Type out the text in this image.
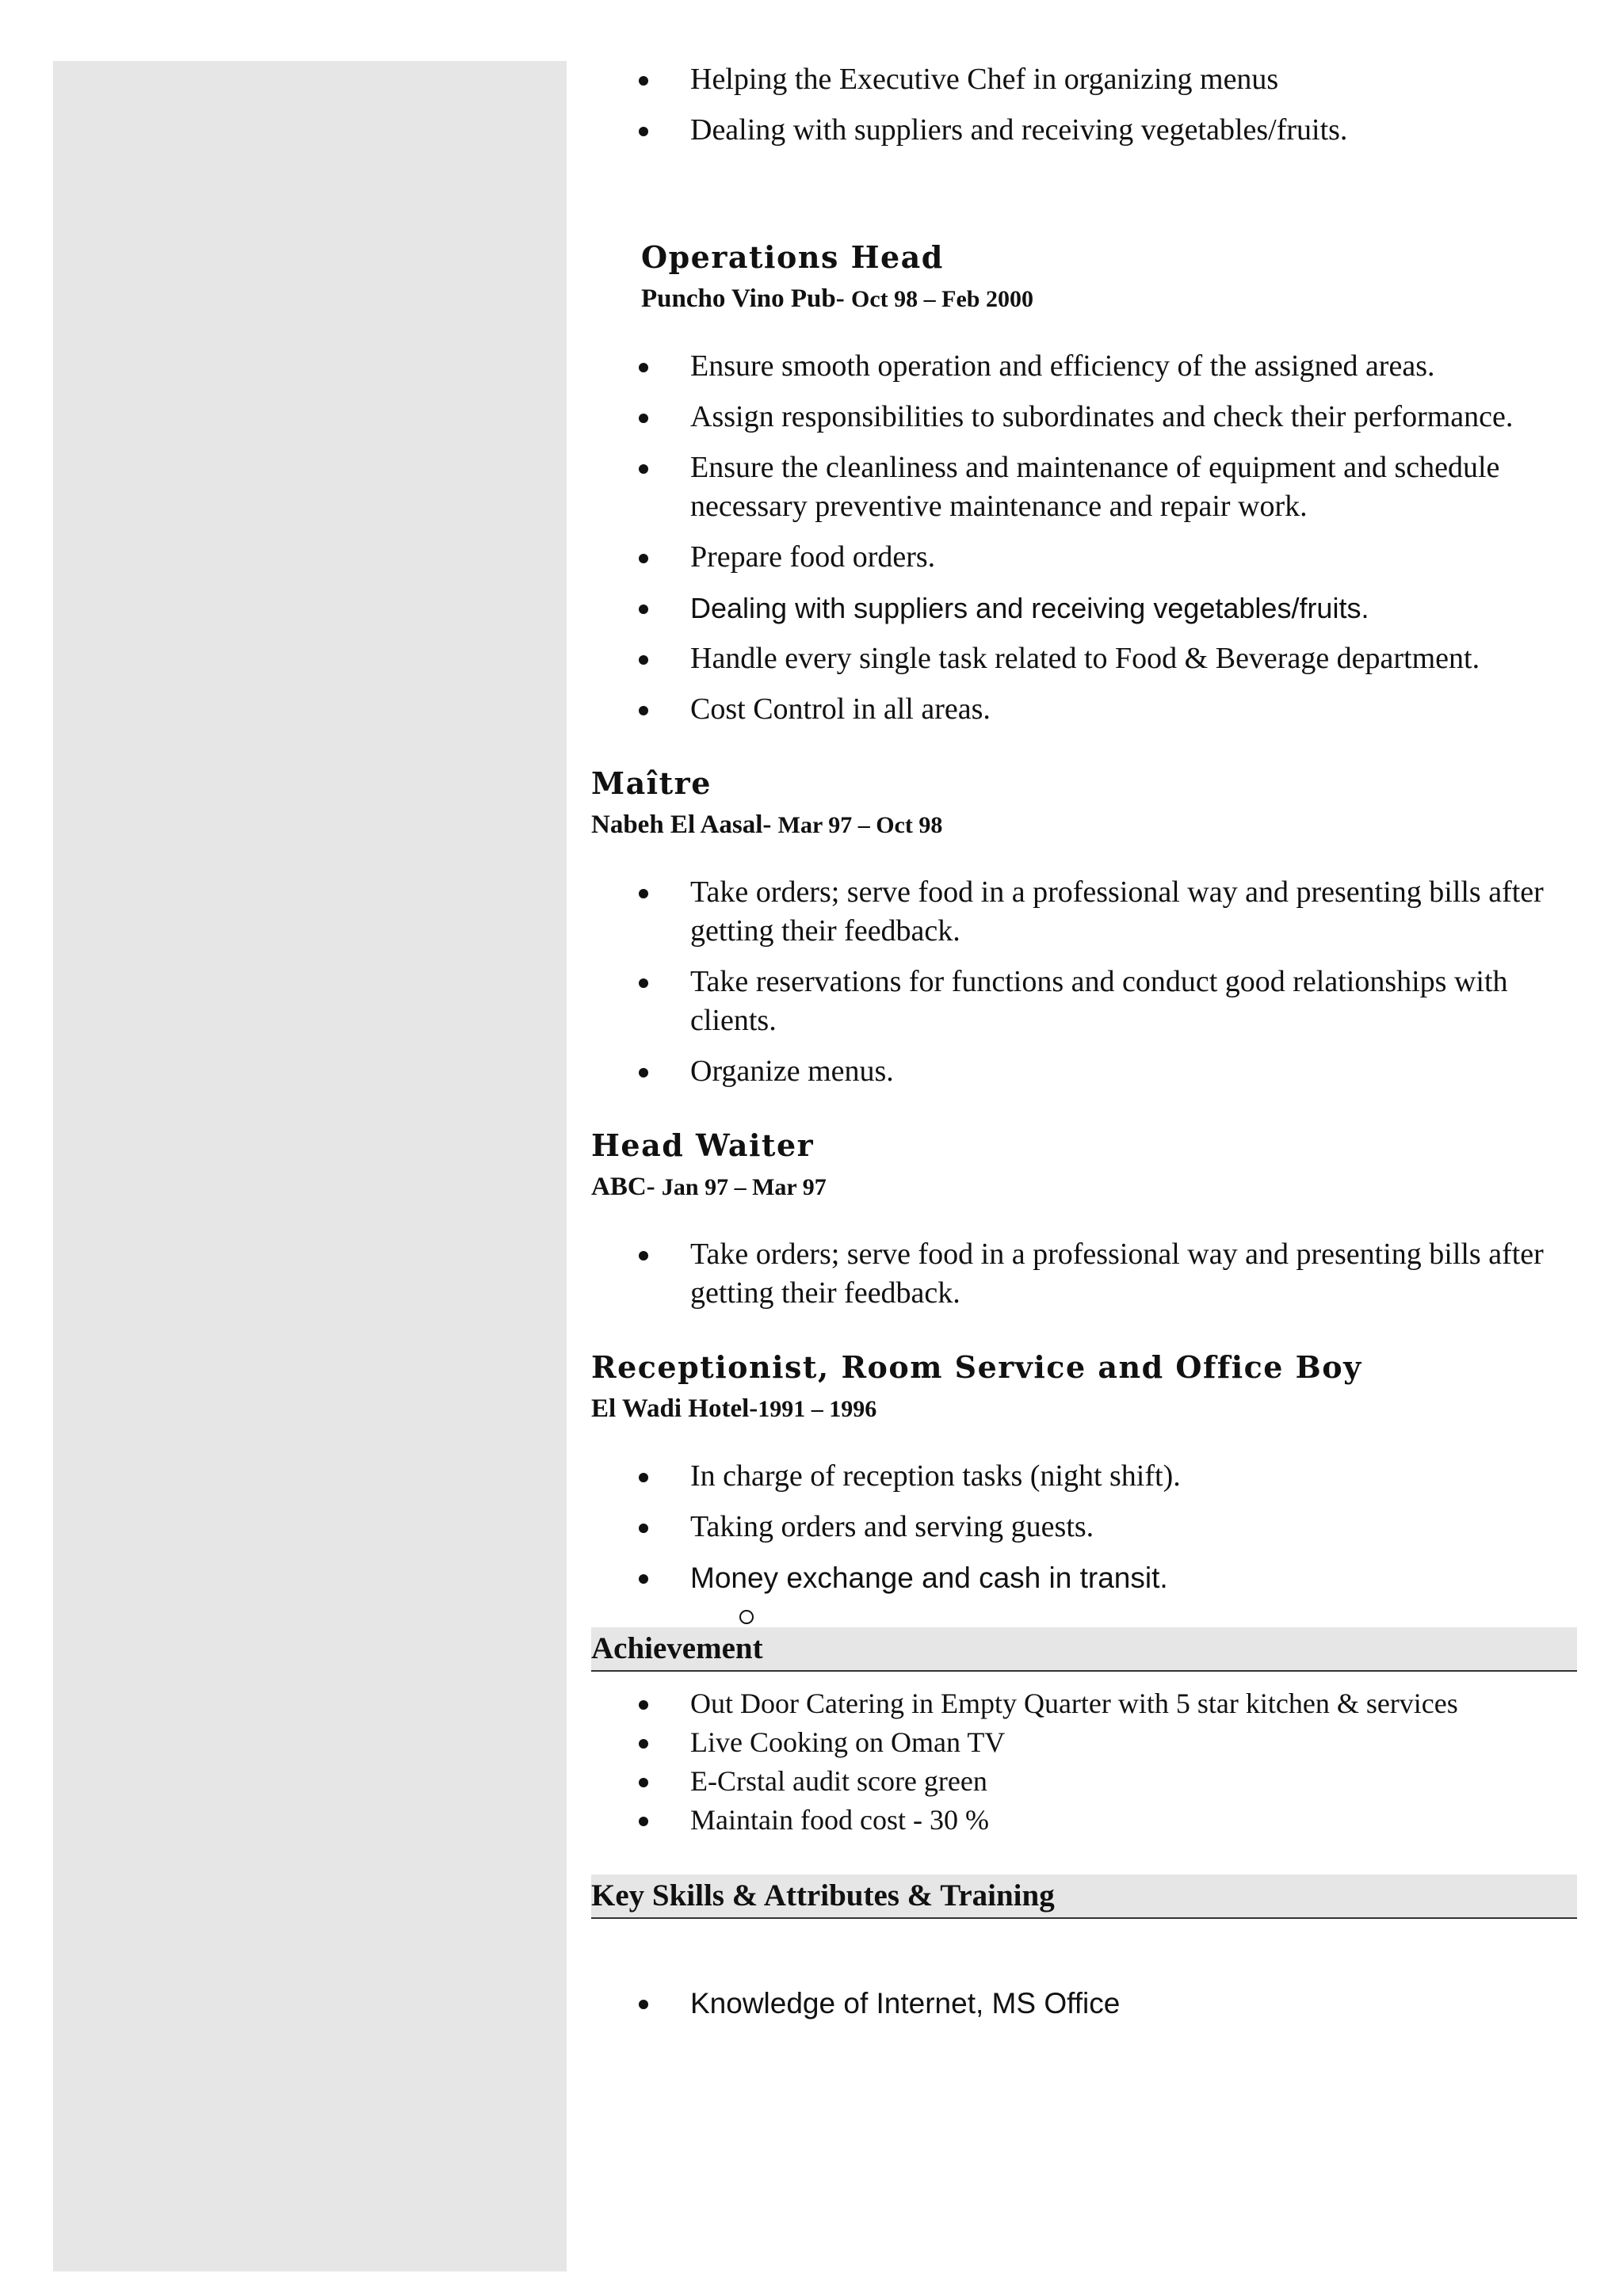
Helping the Executive Chef in organizing menus
Dealing with suppliers and receiving vegetables/fruits.
Operations Head

Puncho Vino Pub- Oct 98 – Feb 2000

Ensure smooth operation and efficiency of the assigned areas.
Assign responsibilities to subordinates and check their performance.
Ensure the cleanliness and maintenance of equipment and schedule necessary preventive maintenance and repair work.
Prepare food orders.
Dealing with suppliers and receiving vegetables/fruits.
Handle every single task related to Food & Beverage department.
Cost Control in all areas.
Maître

Nabeh El Aasal- Mar 97 – Oct 98

Take orders; serve food in a professional way and presenting bills after getting their feedback.
Take reservations for functions and conduct good relationships with clients.
Organize menus.
Head Waiter

ABC- Jan 97 – Mar 97

Take orders; serve food in a professional way and presenting bills after getting their feedback.
Receptionist, Room Service and Office Boy

El Wadi Hotel-1991 – 1996

In charge of reception tasks (night shift).
Taking orders and serving guests.
Money exchange and cash in transit.
Achievement
Out Door Catering in Empty Quarter with 5 star kitchen & services
Live Cooking on Oman TV
E-Crstal audit score green
Maintain food cost - 30 %
Key Skills & Attributes & Training
Knowledge of Internet, MS Office
